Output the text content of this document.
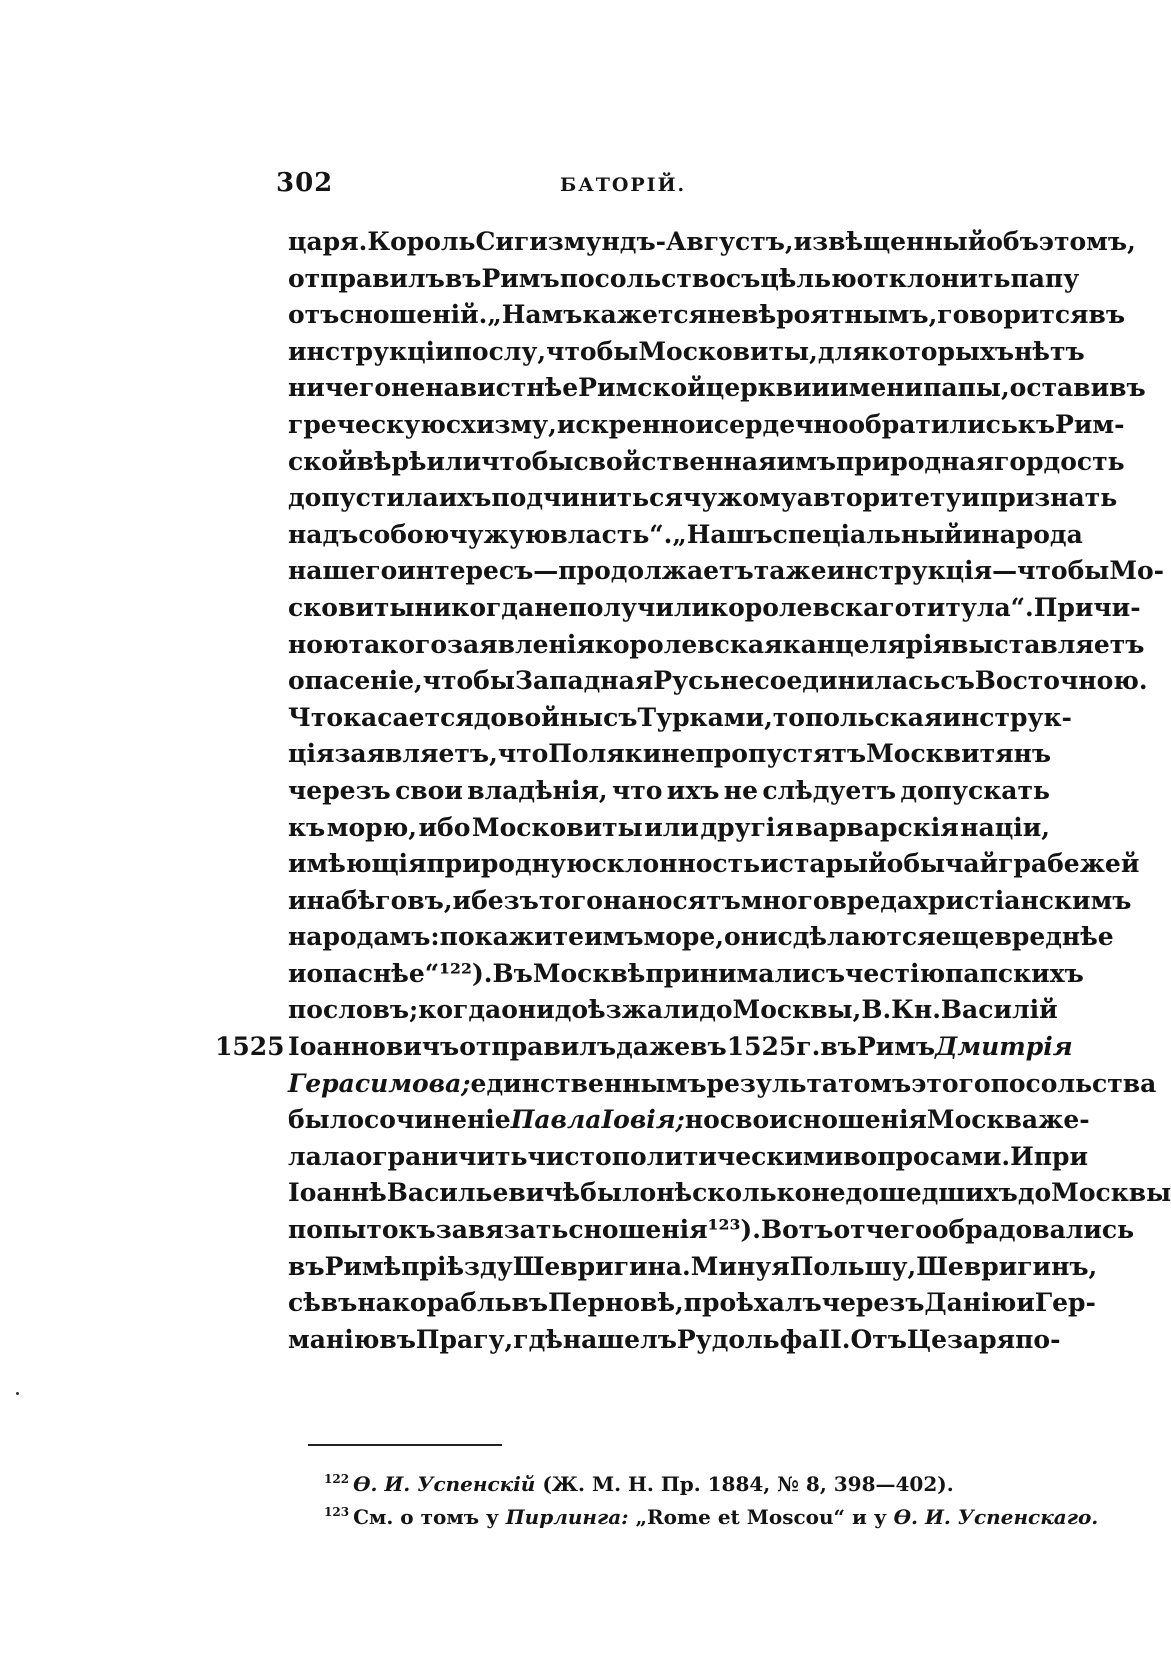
302	БАТОРІЙ.
царя. Король Сигизмундъ-Августъ, извѣщенный объ этомъ,
отправилъ въ Римъ посольство съ цѣлью отклонить папу
отъ сношеній. „Намъ кажется невѣроятнымъ, говорится въ
инструкціи послу, чтобы Московиты, для которыхъ нѣтъ
ничего ненавистнѣе Римской церкви и имени папы, оставивъ
греческую схизму, искренно и сердечно обратились къ Рим-
ской вѣрѣ или чтобы свойственная имъ природная гордость
допустила ихъ подчиниться чужому авторитету и признать
надъ собою чужую власть“. „Нашъ спеціальный и народа
нашего интересъ—продолжаетъ таже инструкція—чтобы Мо-
сковиты никогда не получили королевскаго титула“. Причи-
ною такого заявленія королевская канцелярія выставляетъ
опасеніе, чтобы Западная Русь не соединилась съ Восточною.
Что касается до войны съ Турками, то польская инструк-
ція заявляетъ, что Поляки не пропустятъ Москвитянъ
черезъ свои владѣнія, что ихъ не слѣдуетъ допускать
къ морю, ибо Московиты или другія варварскія націи,
имѣющія природную склонность и старый обычай грабежей
и набѣговъ, и безъ того наносятъ много вреда христіанскимъ
народамъ: покажите имъ море, они сдѣлаются еще вреднѣе
и опаснѣе“ ¹²²). Въ Москвѣ принимали съ честію папскихъ
пословъ; когда они доѣзжали до Москвы, В. Кн. Василій
Іоанновичъ отправилъ даже въ 1525 г. въ Римъ Дмитрія
1525
Герасимова; единственнымъ результатомъ этого посольства
было сочиненіе Павла Іовія; но свои сношенія Москва же-
лала ограничить чисто политическими вопросами. И при
Іоаннѣ Васильевичѣ было нѣсколько недошедшихъ до Москвы
попытокъ завязать сношенія ¹²³). Вотъ отчего обрадовались
въ Римѣ пріѣзду Шевригина. Минуя Польшу, Шевригинъ,
сѣвъ на корабль въ Перновѣ, проѣхалъ черезъ Данію и Гер-
манію въ Прагу, гдѣ нашелъ Рудольфа II. Отъ Цезаря по-
$^{122}$ Ѳ. И. Успенскій (Ж. М. Н. Пр. 1884, № 8, 398—402).
$^{123}$ См. о томъ у Пирлинга: „Rome et Moscou“ и у Ѳ. И. Успенскаго.
